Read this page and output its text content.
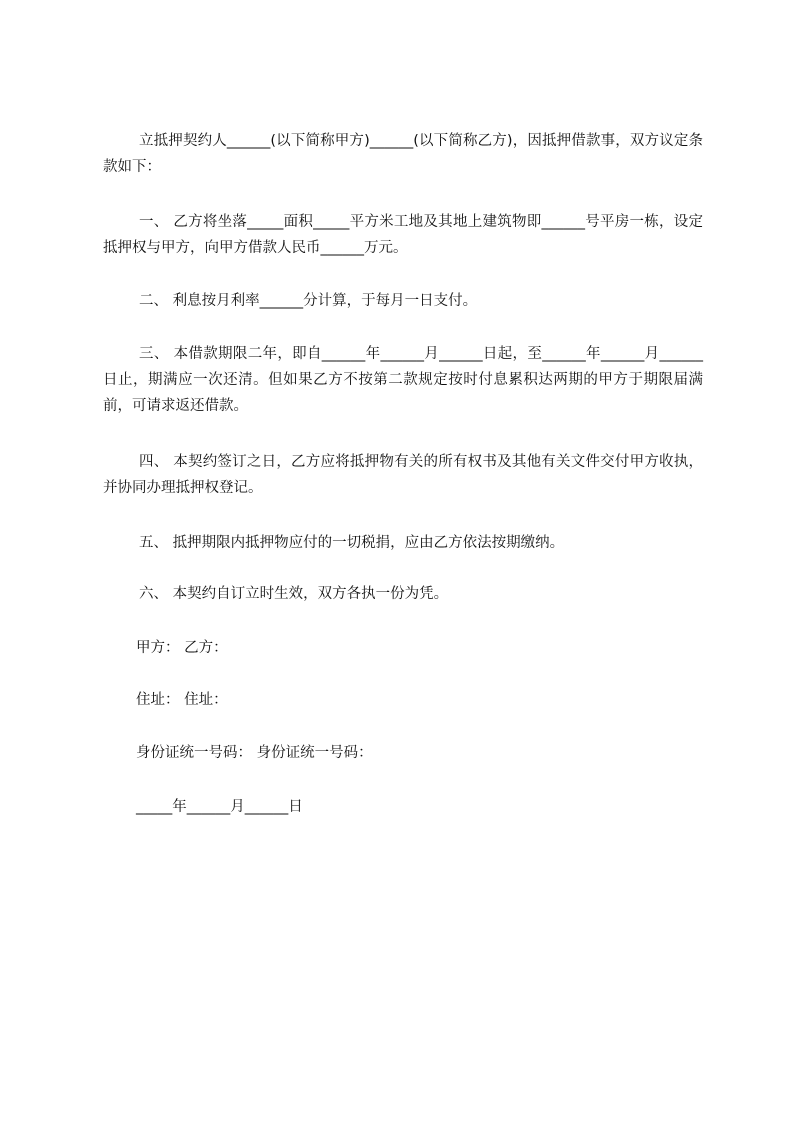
立抵押契约人______(以下简称甲方)______(以下简称乙方)，因抵押借款事，双方议定条款如下：

一、 乙方将坐落_____面积_____平方米工地及其地上建筑物即______号平房一栋，设定抵押权与甲方，向甲方借款人民币______万元。

二、 利息按月利率______分计算，于每月一日支付。

三、 本借款期限二年，即自______年______月______日起，至______年______月______日止，期满应一次还清。但如果乙方不按第二款规定按时付息累积达两期的甲方于期限届满前，可请求返还借款。

四、 本契约签订之日，乙方应将抵押物有关的所有权书及其他有关文件交付甲方收执，并协同办理抵押权登记。

五、 抵押期限内抵押物应付的一切税捐，应由乙方依法按期缴纳。

六、 本契约自订立时生效，双方各执一份为凭。

甲方： 乙方：

住址： 住址：

身份证统一号码： 身份证统一号码：

_____年______月______日
